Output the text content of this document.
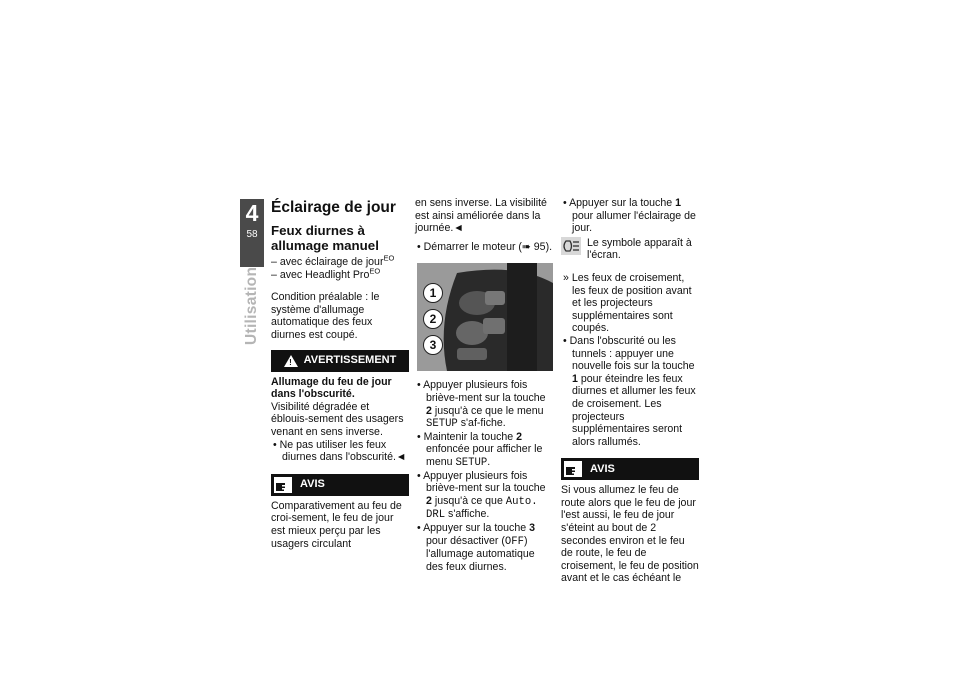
4
58
Utilisation
Éclairage de jour
Feux diurnes à allumage manuel

– avec éclairage de jour$^{EO}$

– avec Headlight Pro$^{EO}$

Condition préalable : le système d'allumage automatique des feux diurnes est coupé.

! AVERTISSEMENT

Allumage du feu de jour dans l'obscurité.

Visibilité dégradée et éblouis-sement des usagers venant en sens inverse.

• Ne pas utiliser les feux diurnes dans l'obscurité.◄

AVIS

Comparativement au feu de croi-sement, le feu de jour est mieux perçu par les usagers circulant

en sens inverse. La visibilité est ainsi améliorée dans la journée.◄

• Démarrer le moteur (➠ 95).

1
2
3

• Appuyer plusieurs fois briève-ment sur la touche 2 jusqu'à ce que le menu SETUP s'af-fiche.

• Maintenir la touche 2 enfoncée pour afficher le menu SETUP.

• Appuyer plusieurs fois briève-ment sur la touche 2 jusqu'à ce que Auto. DRL s'affiche.

• Appuyer sur la touche 3 pour désactiver (OFF) l'allumage automatique des feux diurnes.

• Appuyer sur la touche 1 pour allumer l'éclairage de jour.

Le symbole apparaît à l'écran.

» Les feux de croisement, les feux de position avant et les projecteurs supplémentaires sont coupés.

• Dans l'obscurité ou les tunnels : appuyer une nouvelle fois sur la touche 1 pour éteindre les feux diurnes et allumer les feux de croisement. Les projecteurs supplémentaires seront alors rallumés.

AVIS

Si vous allumez le feu de route alors que le feu de jour l'est aussi, le feu de jour s'éteint au bout de 2 secondes environ et le feu de route, le feu de croisement, le feu de position avant et le cas échéant le
